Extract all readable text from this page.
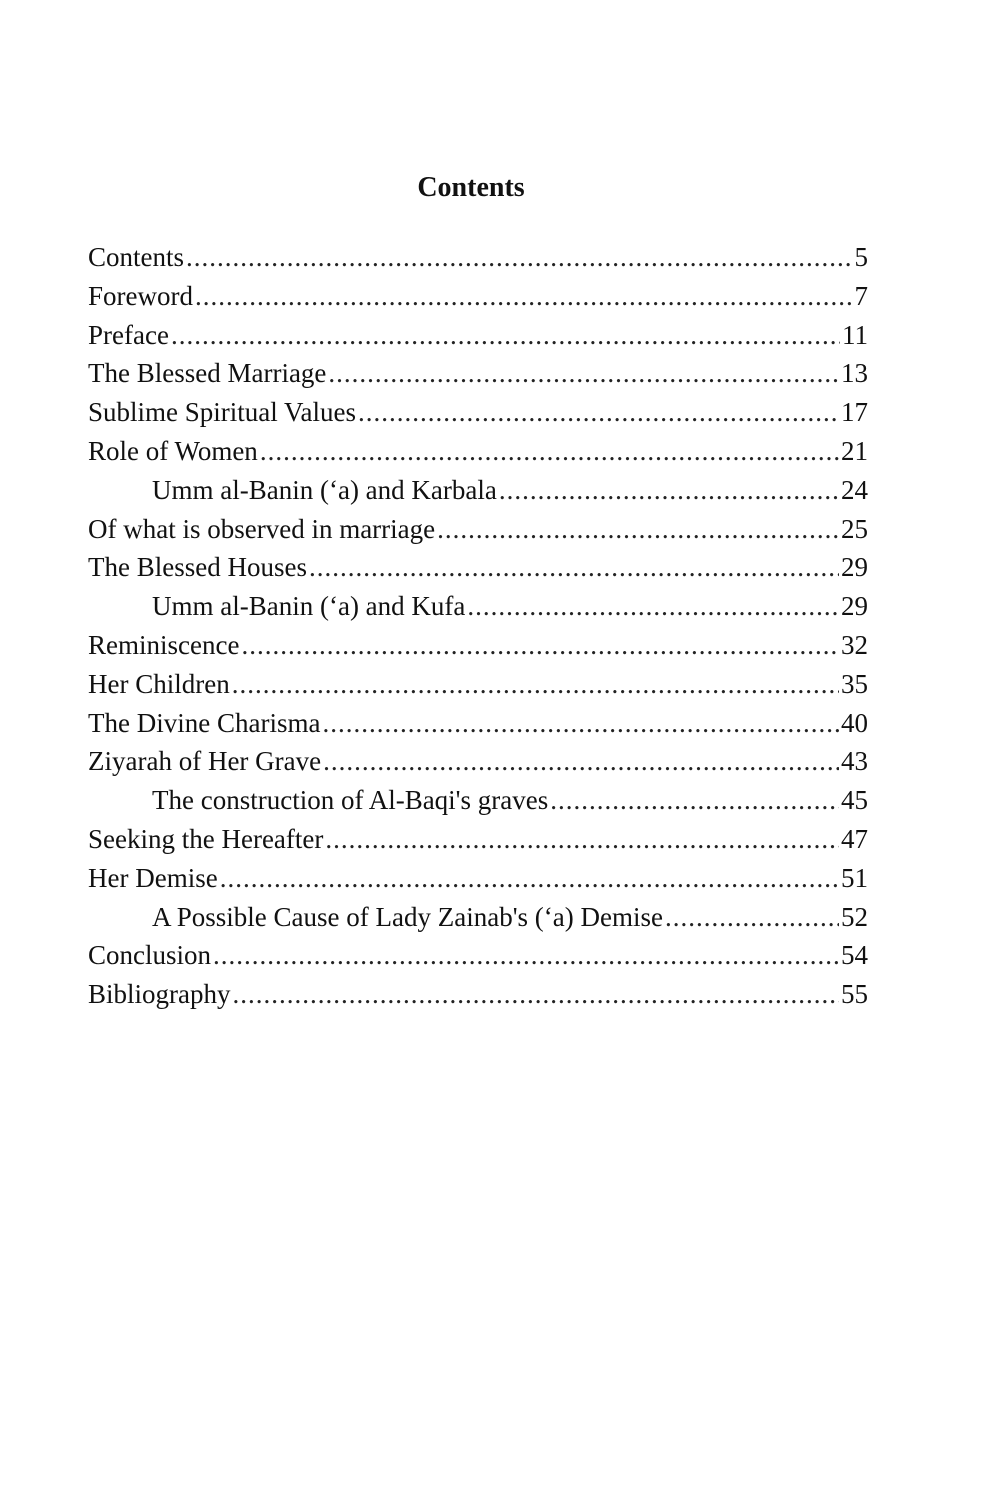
Contents
Contents .....	5
Foreword .....	7
Preface .....	11
The Blessed Marriage .....	13
Sublime Spiritual Values .....	17
Role of Women .....	21
Umm al-Banin (‘a) and Karbala .....	24
Of what is observed in marriage .....	25
The Blessed Houses .....	29
Umm al-Banin (‘a) and Kufa .....	29
Reminiscence .....	32
Her Children .....	35
The Divine Charisma .....	40
Ziyarah of Her Grave .....	43
The construction of Al-Baqi's graves .....	45
Seeking the Hereafter .....	47
Her Demise .....	51
A Possible Cause of Lady Zainab's (‘a) Demise .....	52
Conclusion .....	54
Bibliography .....	55
